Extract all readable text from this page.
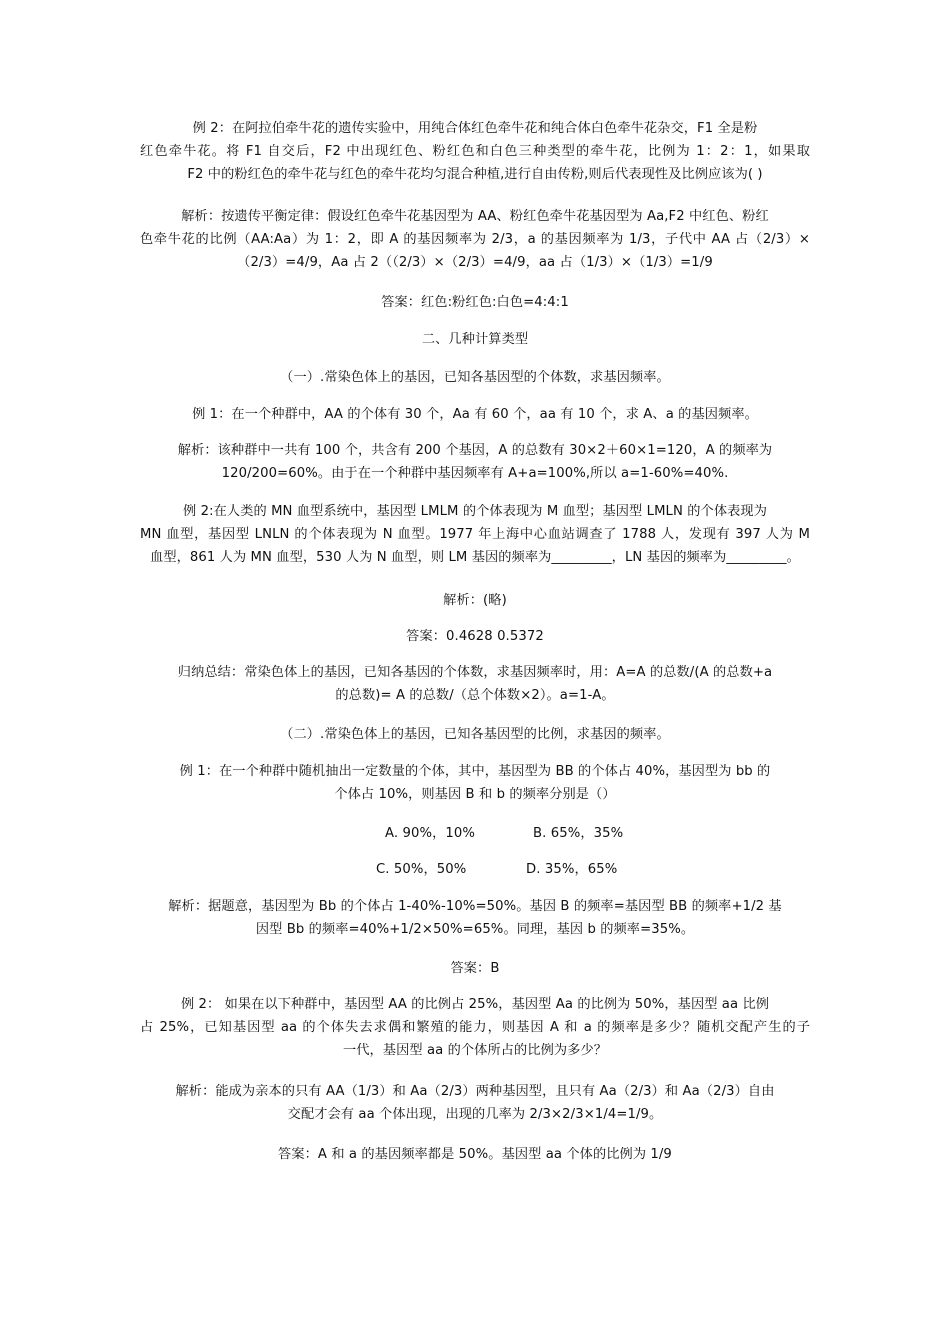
例 2：在阿拉伯牵牛花的遗传实验中，用纯合体红色牵牛花和纯合体白色牵牛花杂交，F1 全是粉
红色牵牛花。将 F1 自交后，F2 中出现红色、粉红色和白色三种类型的牵牛花，比例为 1：2：1，如果取
F2 中的粉红色的牵牛花与红色的牵牛花均匀混合种植,进行自由传粉,则后代表现性及比例应该为( )
解析：按遗传平衡定律：假设红色牵牛花基因型为 AA、粉红色牵牛花基因型为 Aa,F2 中红色、粉红
色牵牛花的比例（AA:Aa）为 1：2，即 A 的基因频率为 2/3，a 的基因频率为 1/3，子代中 AA 占（2/3）×
（2/3）=4/9，Aa 占 2（（2/3）×（2/3）=4/9，aa 占（1/3）×（1/3）=1/9
答案：红色:粉红色:白色=4:4:1
二、几种计算类型
（一）.常染色体上的基因，已知各基因型的个体数，求基因频率。
例 1：在一个种群中，AA 的个体有 30 个，Aa 有 60 个，aa 有 10 个，求 A、a 的基因频率。
解析：该种群中一共有 100 个，共含有 200 个基因，A 的总数有 30×2＋60×1=120，A 的频率为
120/200=60%。由于在一个种群中基因频率有 A+a=100%,所以 a=1-60%=40%.
例 2:在人类的 MN 血型系统中，基因型 LMLM 的个体表现为 M 血型；基因型 LMLN 的个体表现为
MN 血型，基因型 LNLN 的个体表现为 N 血型。1977 年上海中心血站调查了 1788 人，发现有 397 人为 M
血型，861 人为 MN 血型，530 人为 N 血型，则 LM 基因的频率为_________，LN 基因的频率为_________。
解析：(略)
答案：0.4628 0.5372
归纳总结：常染色体上的基因，已知各基因的个体数，求基因频率时，用：A=A 的总数/(A 的总数+a
的总数)= A 的总数/（总个体数×2）。a=1-A。
（二）.常染色体上的基因，已知各基因型的比例，求基因的频率。
例 1：在一个种群中随机抽出一定数量的个体，其中，基因型为 BB 的个体占 40%，基因型为 bb 的
个体占 10%，则基因 B 和 b 的频率分别是（）
A. 90%，10%	B. 65%，35%
C. 50%，50%	D. 35%，65%
解析：据题意，基因型为 Bb 的个体占 1-40%-10%=50%。基因 B 的频率=基因型 BB 的频率+1/2 基
因型 Bb 的频率=40%+1/2×50%=65%。同理，基因 b 的频率=35%。
答案：B
例 2： 如果在以下种群中，基因型 AA 的比例占 25%，基因型 Aa 的比例为 50%，基因型 aa 比例
占 25%，已知基因型 aa 的个体失去求偶和繁殖的能力，则基因 A 和 a 的频率是多少？随机交配产生的子
一代，基因型 aa 的个体所占的比例为多少？
解析：能成为亲本的只有 AA（1/3）和 Aa（2/3）两种基因型，且只有 Aa（2/3）和 Aa（2/3）自由
交配才会有 aa 个体出现，出现的几率为 2/3×2/3×1/4=1/9。
答案：A 和 a 的基因频率都是 50%。基因型 aa 个体的比例为 1/9
